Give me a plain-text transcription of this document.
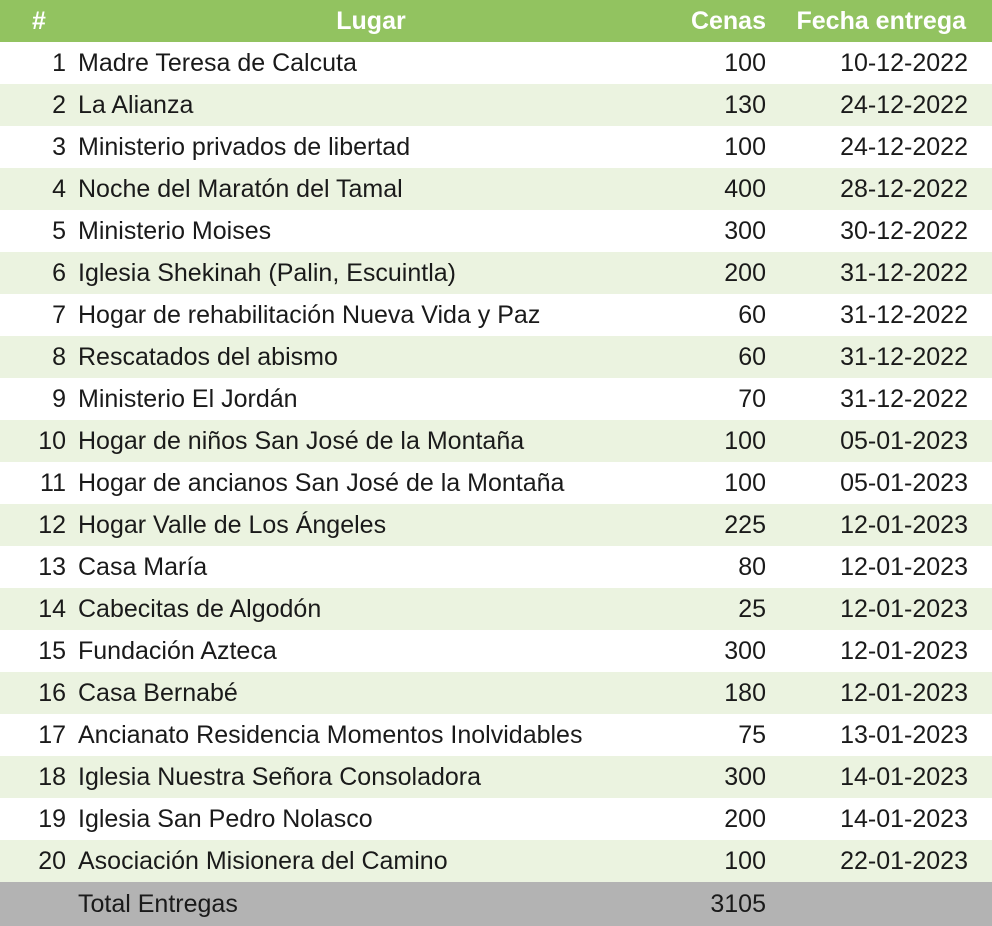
#	Lugar	Cenas	Fecha entrega
1 Madre Teresa de Calcuta	100	10-12-2022
2 La Alianza	130	24-12-2022
3 Ministerio privados de libertad	100	24-12-2022
4 Noche del Maratón del Tamal	400	28-12-2022
5 Ministerio Moises	300	30-12-2022
6 Iglesia Shekinah (Palin, Escuintla)	200	31-12-2022
7 Hogar de rehabilitación Nueva Vida y Paz	60	31-12-2022
8 Rescatados del abismo	60	31-12-2022
9 Ministerio El Jordán	70	31-12-2022
10 Hogar de niños San José de la Montaña	100	05-01-2023
11 Hogar de ancianos San José de la Montaña	100	05-01-2023
12 Hogar Valle de Los Ángeles	225	12-01-2023
13 Casa María	80	12-01-2023
14 Cabecitas de Algodón	25	12-01-2023
15 Fundación Azteca	300	12-01-2023
16 Casa Bernabé	180	12-01-2023
17 Ancianato Residencia Momentos Inolvidables	75	13-01-2023
18 Iglesia Nuestra Señora Consoladora	300	14-01-2023
19 Iglesia San Pedro Nolasco	200	14-01-2023
20 Asociación Misionera del Camino	100	22-01-2023
Total Entregas	3105
